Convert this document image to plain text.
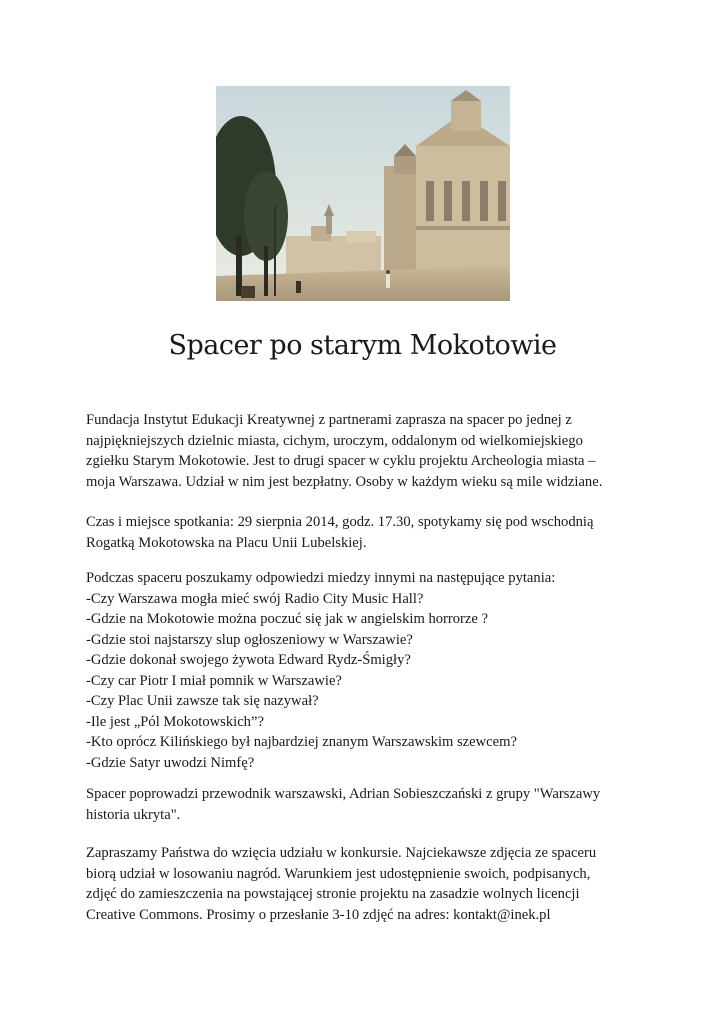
Spacer po starym Mokotowie

Fundacja Instytut Edukacji Kreatywnej z partnerami zaprasza na spacer po jednej z
najpiękniejszych dzielnic miasta, cichym, uroczym, oddalonym od wielkomiejskiego
zgiełku Starym Mokotowie. Jest to drugi spacer w cyklu projektu Archeologia miasta –
moja Warszawa. Udział w nim jest bezpłatny. Osoby w każdym wieku są mile widziane.

Czas i miejsce spotkania: 29 sierpnia 2014, godz. 17.30, spotykamy się pod wschodnią
Rogatką Mokotowska na Placu Unii Lubelskiej.

Podczas spaceru poszukamy odpowiedzi miedzy innymi na następujące pytania:
-Czy Warszawa mogła mieć swój Radio City Music Hall?
-Gdzie na Mokotowie można poczuć się jak w angielskim horrorze ?
-Gdzie stoi najstarszy slup ogłoszeniowy w Warszawie?
-Gdzie dokonał swojego żywota Edward Rydz-Śmigły?
-Czy car Piotr I miał pomnik w Warszawie?
-Czy Plac Unii zawsze tak się nazywał?
-Ile jest „Pól Mokotowskich”?
-Kto oprócz Kilińskiego był najbardziej znanym Warszawskim szewcem?
-Gdzie Satyr uwodzi Nimfę?

Spacer poprowadzi przewodnik warszawski, Adrian Sobieszczański z grupy "Warszawy
historia ukryta".

Zapraszamy Państwa do wzięcia udziału w konkursie. Najciekawsze zdjęcia ze spaceru
biorą udział w losowaniu nagród. Warunkiem jest udostępnienie swoich, podpisanych,
zdjęć do zamieszczenia na powstającej stronie projektu na zasadzie wolnych licencji
Creative Commons. Prosimy o przesłanie 3-10 zdjęć na adres: kontakt@inek.pl
